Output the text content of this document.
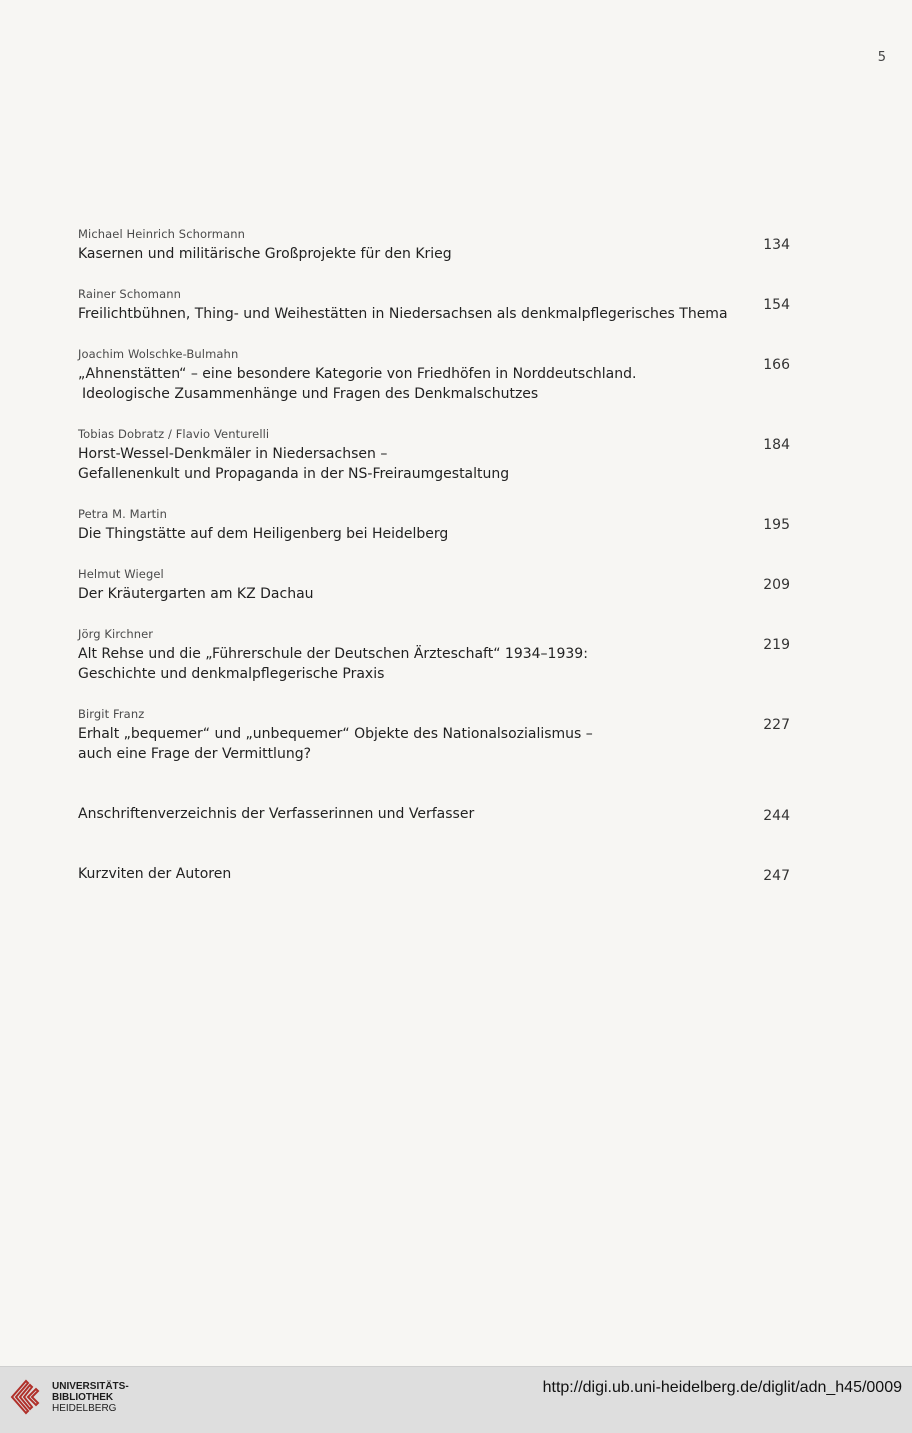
5
Michael Heinrich Schormann
Kasernen und militärische Großprojekte für den Krieg
134
Rainer Schomann
Freilichtbühnen, Thing- und Weihestätten in Niedersachsen als denkmalpflegerisches Thema
154
Joachim Wolschke-Bulmahn
„Ahnenstätten“ – eine besondere Kategorie von Friedhöfen in Norddeutschland.
Ideologische Zusammenhänge und Fragen des Denkmalschutzes
166
Tobias Dobratz / Flavio Venturelli
Horst-Wessel-Denkmäler in Niedersachsen –
Gefallenenkult und Propaganda in der NS-Freiraumgestaltung
184
Petra M. Martin
Die Thingstätte auf dem Heiligenberg bei Heidelberg
195
Helmut Wiegel
Der Kräutergarten am KZ Dachau
209
Jörg Kirchner
Alt Rehse und die „Führerschule der Deutschen Ärzteschaft“ 1934–1939:
Geschichte und denkmalpflegerische Praxis
219
Birgit Franz
Erhalt „bequemer“ und „unbequemer“ Objekte des Nationalsozialismus –
auch eine Frage der Vermittlung?
227
Anschriftenverzeichnis der Verfasserinnen und Verfasser	244
Kurzviten der Autoren	247
UNIVERSITÄTS-
BIBLIOTHEK
HEIDELBERG
http://digi.ub.uni-heidelberg.de/diglit/adn_h45/0009
